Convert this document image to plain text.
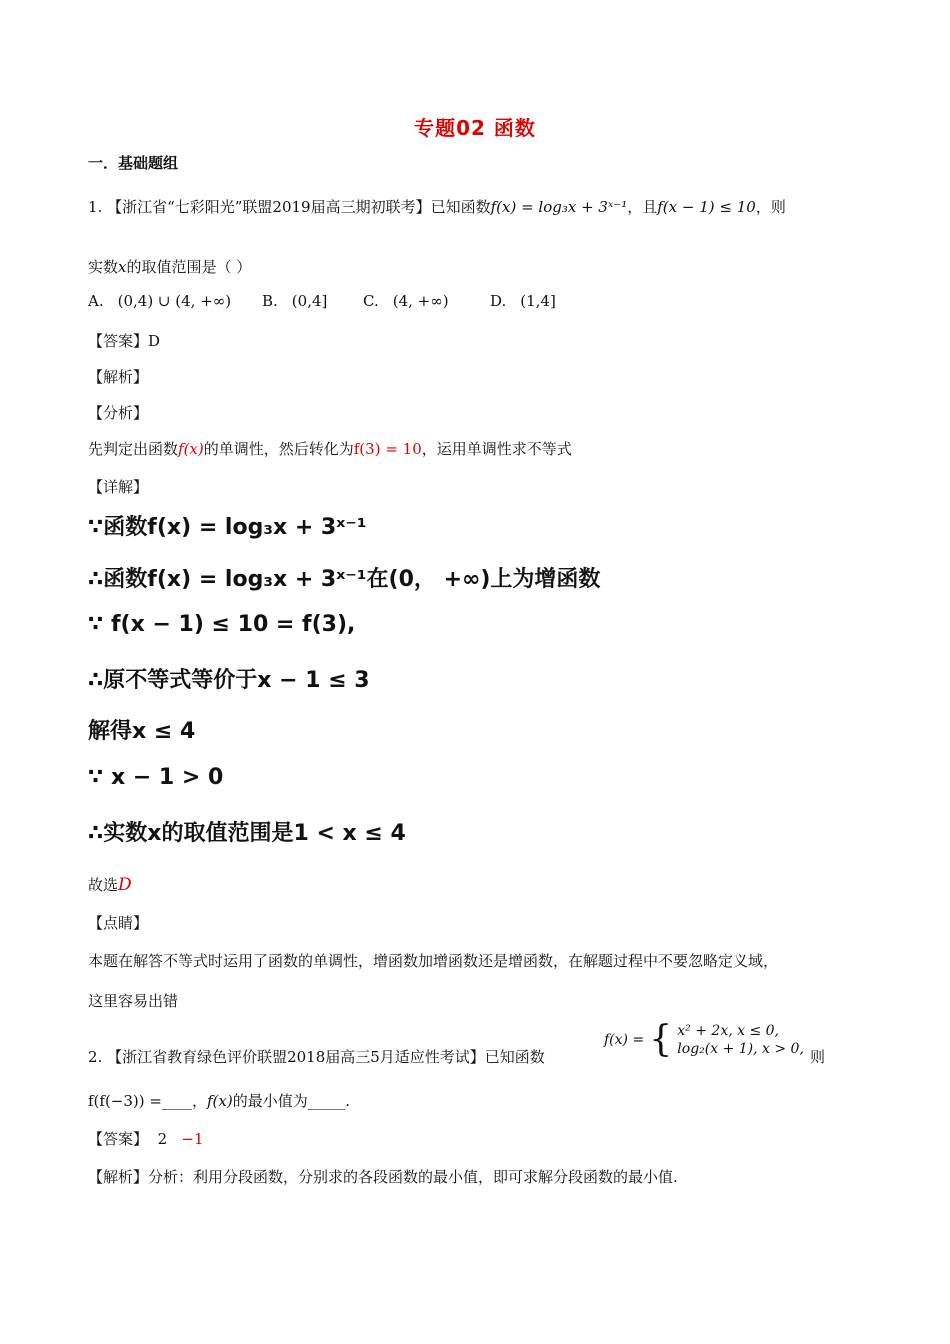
专题02 函数
一．基础题组
1. 【浙江省“七彩阳光”联盟2019届高三期初联考】已知函数f(x) = log₃x + 3ˣ⁻¹，且f(x − 1) ≤ 10，则
实数x的取值范围是（ ）
A. (0,4) ∪ (4, +∞) B. (0,4] C. (4, +∞)	D. (1,4]
【答案】D
【解析】
【分析】
先判定出函数f(x)的单调性，然后转化为f(3) = 10，运用单调性求不等式
【详解】
∵函数f(x) = log₃x + 3ˣ⁻¹
∴函数f(x) = log₃x + 3ˣ⁻¹在(0， +∞)上为增函数
∵ f(x − 1) ≤ 10 = f(3),
∴原不等式等价于x − 1 ≤ 3
解得x ≤ 4
∵ x − 1 > 0
∴实数x的取值范围是1 < x ≤ 4
故选D
【点睛】
本题在解答不等式时运用了函数的单调性，增函数加增函数还是增函数，在解题过程中不要忽略定义域，
这里容易出错
2. 【浙江省教育绿色评价联盟2018届高三5月适应性考试】已知函数
f(x) = { x² + 2x, x ≤ 0,
log₂(x + 1), x > 0, 则
f(f(−3)) =____，f(x)的最小值为_____.
【答案】 2 −1
【解析】分析：利用分段函数，分别求的各段函数的最小值，即可求解分段函数的最小值.
